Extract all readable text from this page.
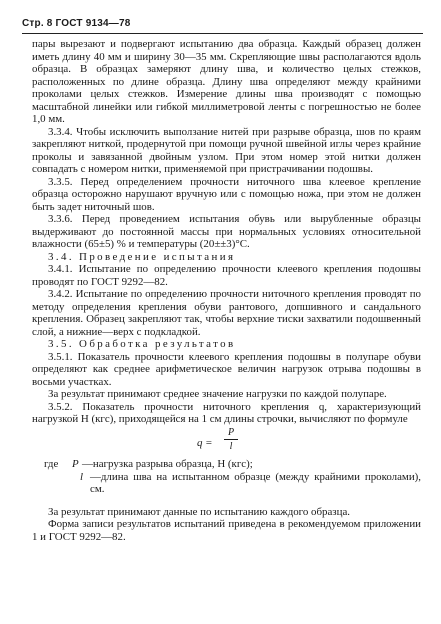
Стр. 8 ГОСТ 9134—78

пары вырезают и подвергают испытанию два образца. Каждый образец должен иметь длину 40 мм и ширину 30—35 мм. Скрепляющие швы располагаются вдоль образца. В образцах замеряют длину шва, и количество целых стежков, расположенных по длине образца. Длину шва определяют между крайними проколами целых стежков. Измерение длины шва производят с помощью масштабной линейки или гибкой миллиметровой ленты с погрешностью не более 1,0 мм.

3.3.4. Чтобы исключить выползание нитей при разрыве образца, шов по краям закрепляют ниткой, продернутой при помощи ручной швейной иглы через крайние проколы и завязанной двойным узлом. При этом номер этой нитки должен совпадать с номером нитки, применяемой при пристрачивании подошвы.

3.3.5. Перед определением прочности ниточного шва клеевое крепление образца осторожно нарушают вручную или с помощью ножа, при этом не должен быть задет ниточный шов.

3.3.6. Перед проведением испытания обувь или вырубленные образцы выдерживают до постоянной массы при нормальных условиях относительной влажности (65±5) % и температуры (20±±3)°С.

3.4. Проведение испытания

3.4.1. Испытание по определению прочности клеевого крепления подошвы проводят по ГОСТ 9292—82.

3.4.2. Испытание по определению прочности ниточного крепления проводят по методу определения крепления обуви рантового, допшивного и сандального крепления. Образец закрепляют так, чтобы верхние тиски захватили подошвенный слой, а нижние—верх с подкладкой.

3.5. Обработка результатов

3.5.1. Показатель прочности клеевого крепления подошвы в полупаре обуви определяют как среднее арифметическое величин нагрузок отрыва подошвы в восьми участках.

За результат принимают среднее значение нагрузки по каждой полупаре.

3.5.2. Показатель прочности ниточного крепления q, характеризующий нагрузкой Н (кгс), приходящейся на 1 см длины строчки, вычисляют по формуле

q =
P
l
где P —нагрузка разрыва образца, Н (кгс);
l —длина шва на испытанном образце (между крайними проколами), см.

За результат принимают данные по испытанию каждого образца.

Форма записи результатов испытаний приведена в рекомендуемом приложении 1 и ГОСТ 9292—82.
